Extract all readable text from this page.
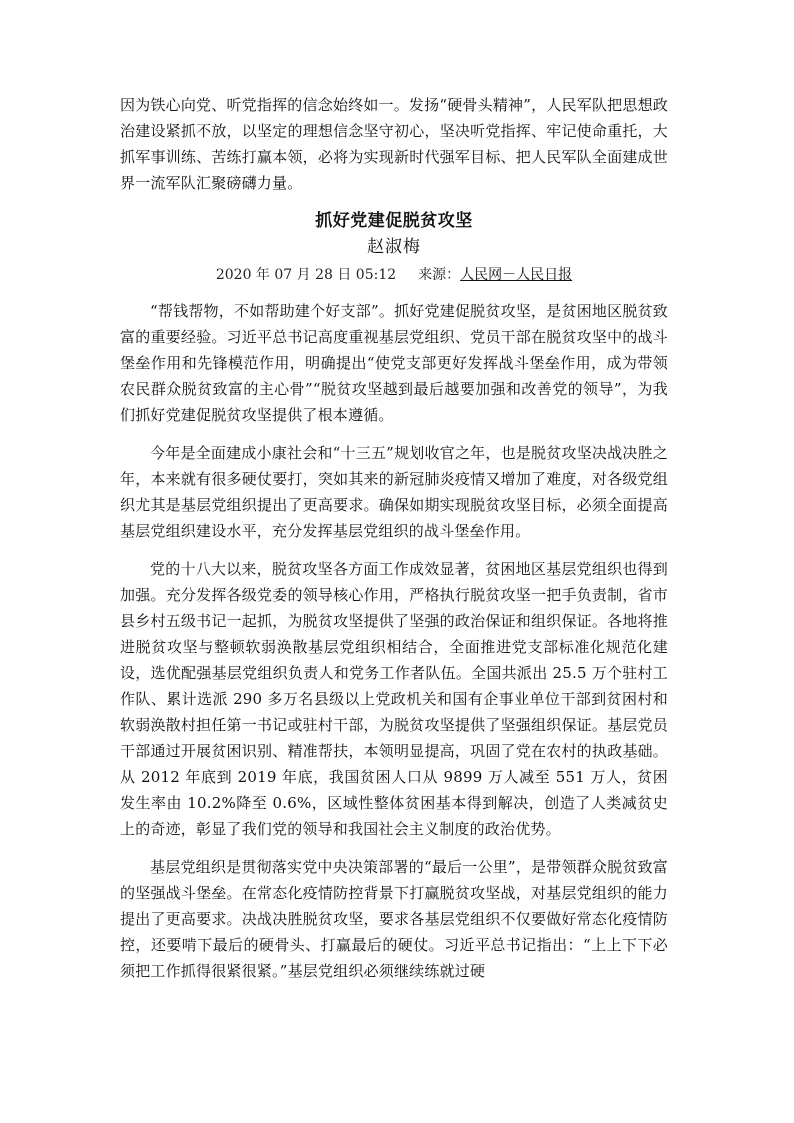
因为铁心向党、听党指挥的信念始终如一。发扬“硬骨头精神”，人民军队把思想政治建设紧抓不放，以坚定的理想信念坚守初心，坚决听党指挥、牢记使命重托，大抓军事训练、苦练打赢本领，必将为实现新时代强军目标、把人民军队全面建成世界一流军队汇聚磅礴力量。

抓好党建促脱贫攻坚

赵淑梅

2020 年 07 月 28 日 05:12 来源：人民网－人民日报

“帮钱帮物，不如帮助建个好支部”。抓好党建促脱贫攻坚，是贫困地区脱贫致富的重要经验。习近平总书记高度重视基层党组织、党员干部在脱贫攻坚中的战斗堡垒作用和先锋模范作用，明确提出“使党支部更好发挥战斗堡垒作用，成为带领农民群众脱贫致富的主心骨”“脱贫攻坚越到最后越要加强和改善党的领导”，为我们抓好党建促脱贫攻坚提供了根本遵循。

今年是全面建成小康社会和“十三五”规划收官之年，也是脱贫攻坚决战决胜之年，本来就有很多硬仗要打，突如其来的新冠肺炎疫情又增加了难度，对各级党组织尤其是基层党组织提出了更高要求。确保如期实现脱贫攻坚目标，必须全面提高基层党组织建设水平，充分发挥基层党组织的战斗堡垒作用。

党的十八大以来，脱贫攻坚各方面工作成效显著，贫困地区基层党组织也得到加强。充分发挥各级党委的领导核心作用，严格执行脱贫攻坚一把手负责制，省市县乡村五级书记一起抓，为脱贫攻坚提供了坚强的政治保证和组织保证。各地将推进脱贫攻坚与整顿软弱涣散基层党组织相结合，全面推进党支部标准化规范化建设，选优配强基层党组织负责人和党务工作者队伍。全国共派出 25.5 万个驻村工作队、累计选派 290 多万名县级以上党政机关和国有企事业单位干部到贫困村和软弱涣散村担任第一书记或驻村干部，为脱贫攻坚提供了坚强组织保证。基层党员干部通过开展贫困识别、精准帮扶，本领明显提高，巩固了党在农村的执政基础。从 2012 年底到 2019 年底，我国贫困人口从 9899 万人减至 551 万人，贫困发生率由 10.2%降至 0.6%，区域性整体贫困基本得到解决，创造了人类减贫史上的奇迹，彰显了我们党的领导和我国社会主义制度的政治优势。

基层党组织是贯彻落实党中央决策部署的“最后一公里”，是带领群众脱贫致富的坚强战斗堡垒。在常态化疫情防控背景下打赢脱贫攻坚战，对基层党组织的能力提出了更高要求。决战决胜脱贫攻坚，要求各基层党组织不仅要做好常态化疫情防控，还要啃下最后的硬骨头、打赢最后的硬仗。习近平总书记指出：“上上下下必须把工作抓得很紧很紧。”基层党组织必须继续练就过硬
